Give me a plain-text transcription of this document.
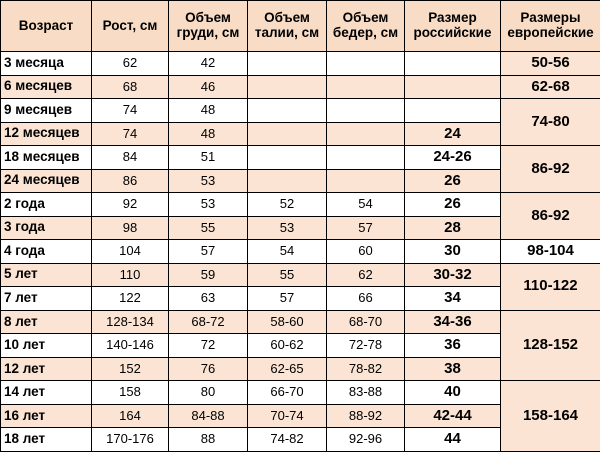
Возраст	Рост, см	Объем груди, см	Объем талии, см	Объем бедер, см	Размер российские	Размеры европейские
3 месяца	62	42				50-56
6 месяцев	68	46				62-68
9 месяцев	74	48				74-80
12 месяцев	74	48			24	
18 месяцев	84	51			24-26	86-92
24 месяцев	86	53			26	
2 года	92	53	52	54	26	86-92
3 года	98	55	53	57	28	
4 года	104	57	54	60	30	98-104
5 лет	110	59	55	62	30-32	110-122
7 лет	122	63	57	66	34	
8 лет	128-134	68-72	58-60	68-70	34-36	128-152
10 лет	140-146	72	60-62	72-78	36	
12 лет	152	76	62-65	78-82	38	
14 лет	158	80	66-70	83-88	40	158-164
16 лет	164	84-88	70-74	88-92	42-44	
18 лет	170-176	88	74-82	92-96	44	
